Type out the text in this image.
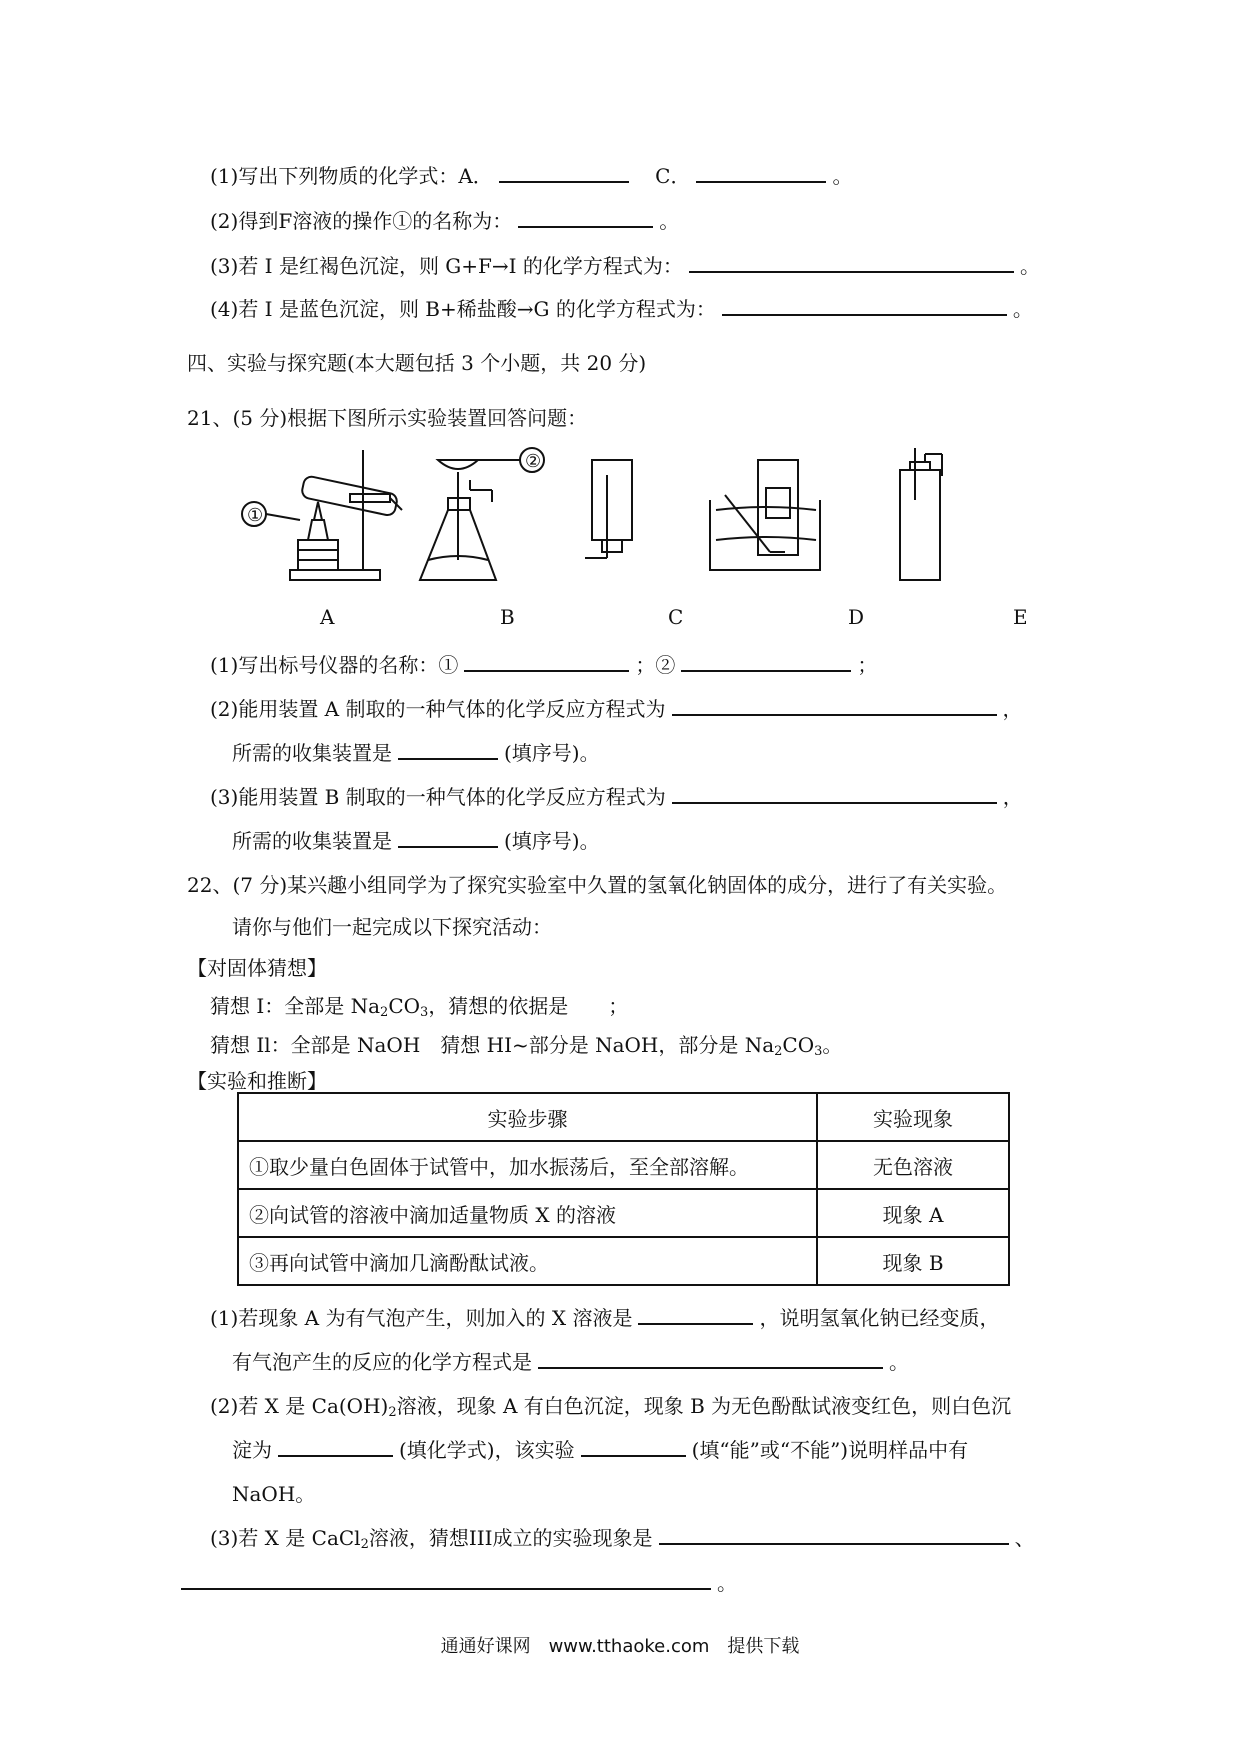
(1)写出下列物质的化学式：A．	C．	。
(2)得到F溶液的操作①的名称为：	。
(3)若 I 是红褐色沉淀，则 G+F→I 的化学方程式为：	。
(4)若 I 是蓝色沉淀，则 B+稀盐酸→G 的化学方程式为：	。
四、实验与探究题(本大题包括 3 个小题，共 20 分)
21、(5 分)根据下图所示实验装置回答问题：
①
②
A	B	C	D	E
(1)写出标号仪器的名称：①	；②	；
(2)能用装置 A 制取的一种气体的化学反应方程式为	，
所需的收集装置是	(填序号)。
(3)能用装置 B 制取的一种气体的化学反应方程式为	，
所需的收集装置是	(填序号)。
22、(7 分)某兴趣小组同学为了探究实验室中久置的氢氧化钠固体的成分，进行了有关实验。
请你与他们一起完成以下探究活动：
【对固体猜想】
猜想 I：全部是 $Na_2CO_3$，猜想的依据是　　；
猜想 Il：全部是 NaOH　猜想 HI~部分是 NaOH，部分是 $Na_2CO_3$。
【实验和推断】
实验步骤	实验现象
①取少量白色固体于试管中，加水振荡后，至全部溶解。	无色溶液
②向试管的溶液中滴加适量物质 X 的溶液	现象 A
③再向试管中滴加几滴酚酞试液。	现象 B
(1)若现象 A 为有气泡产生，则加入的 X 溶液是	，说明氢氧化钠已经变质，
有气泡产生的反应的化学方程式是	。
(2)若 X 是 $Ca(OH)_2$溶液，现象 A 有白色沉淀，现象 B 为无色酚酞试液变红色，则白色沉
淀为	(填化学式)，该实验	(填“能”或“不能”)说明样品中有
NaOH。
(3)若 X 是 CaCl$_2$溶液，猜想III成立的实验现象是	、
。
通通好课网　www.tthaoke.com　提供下载
